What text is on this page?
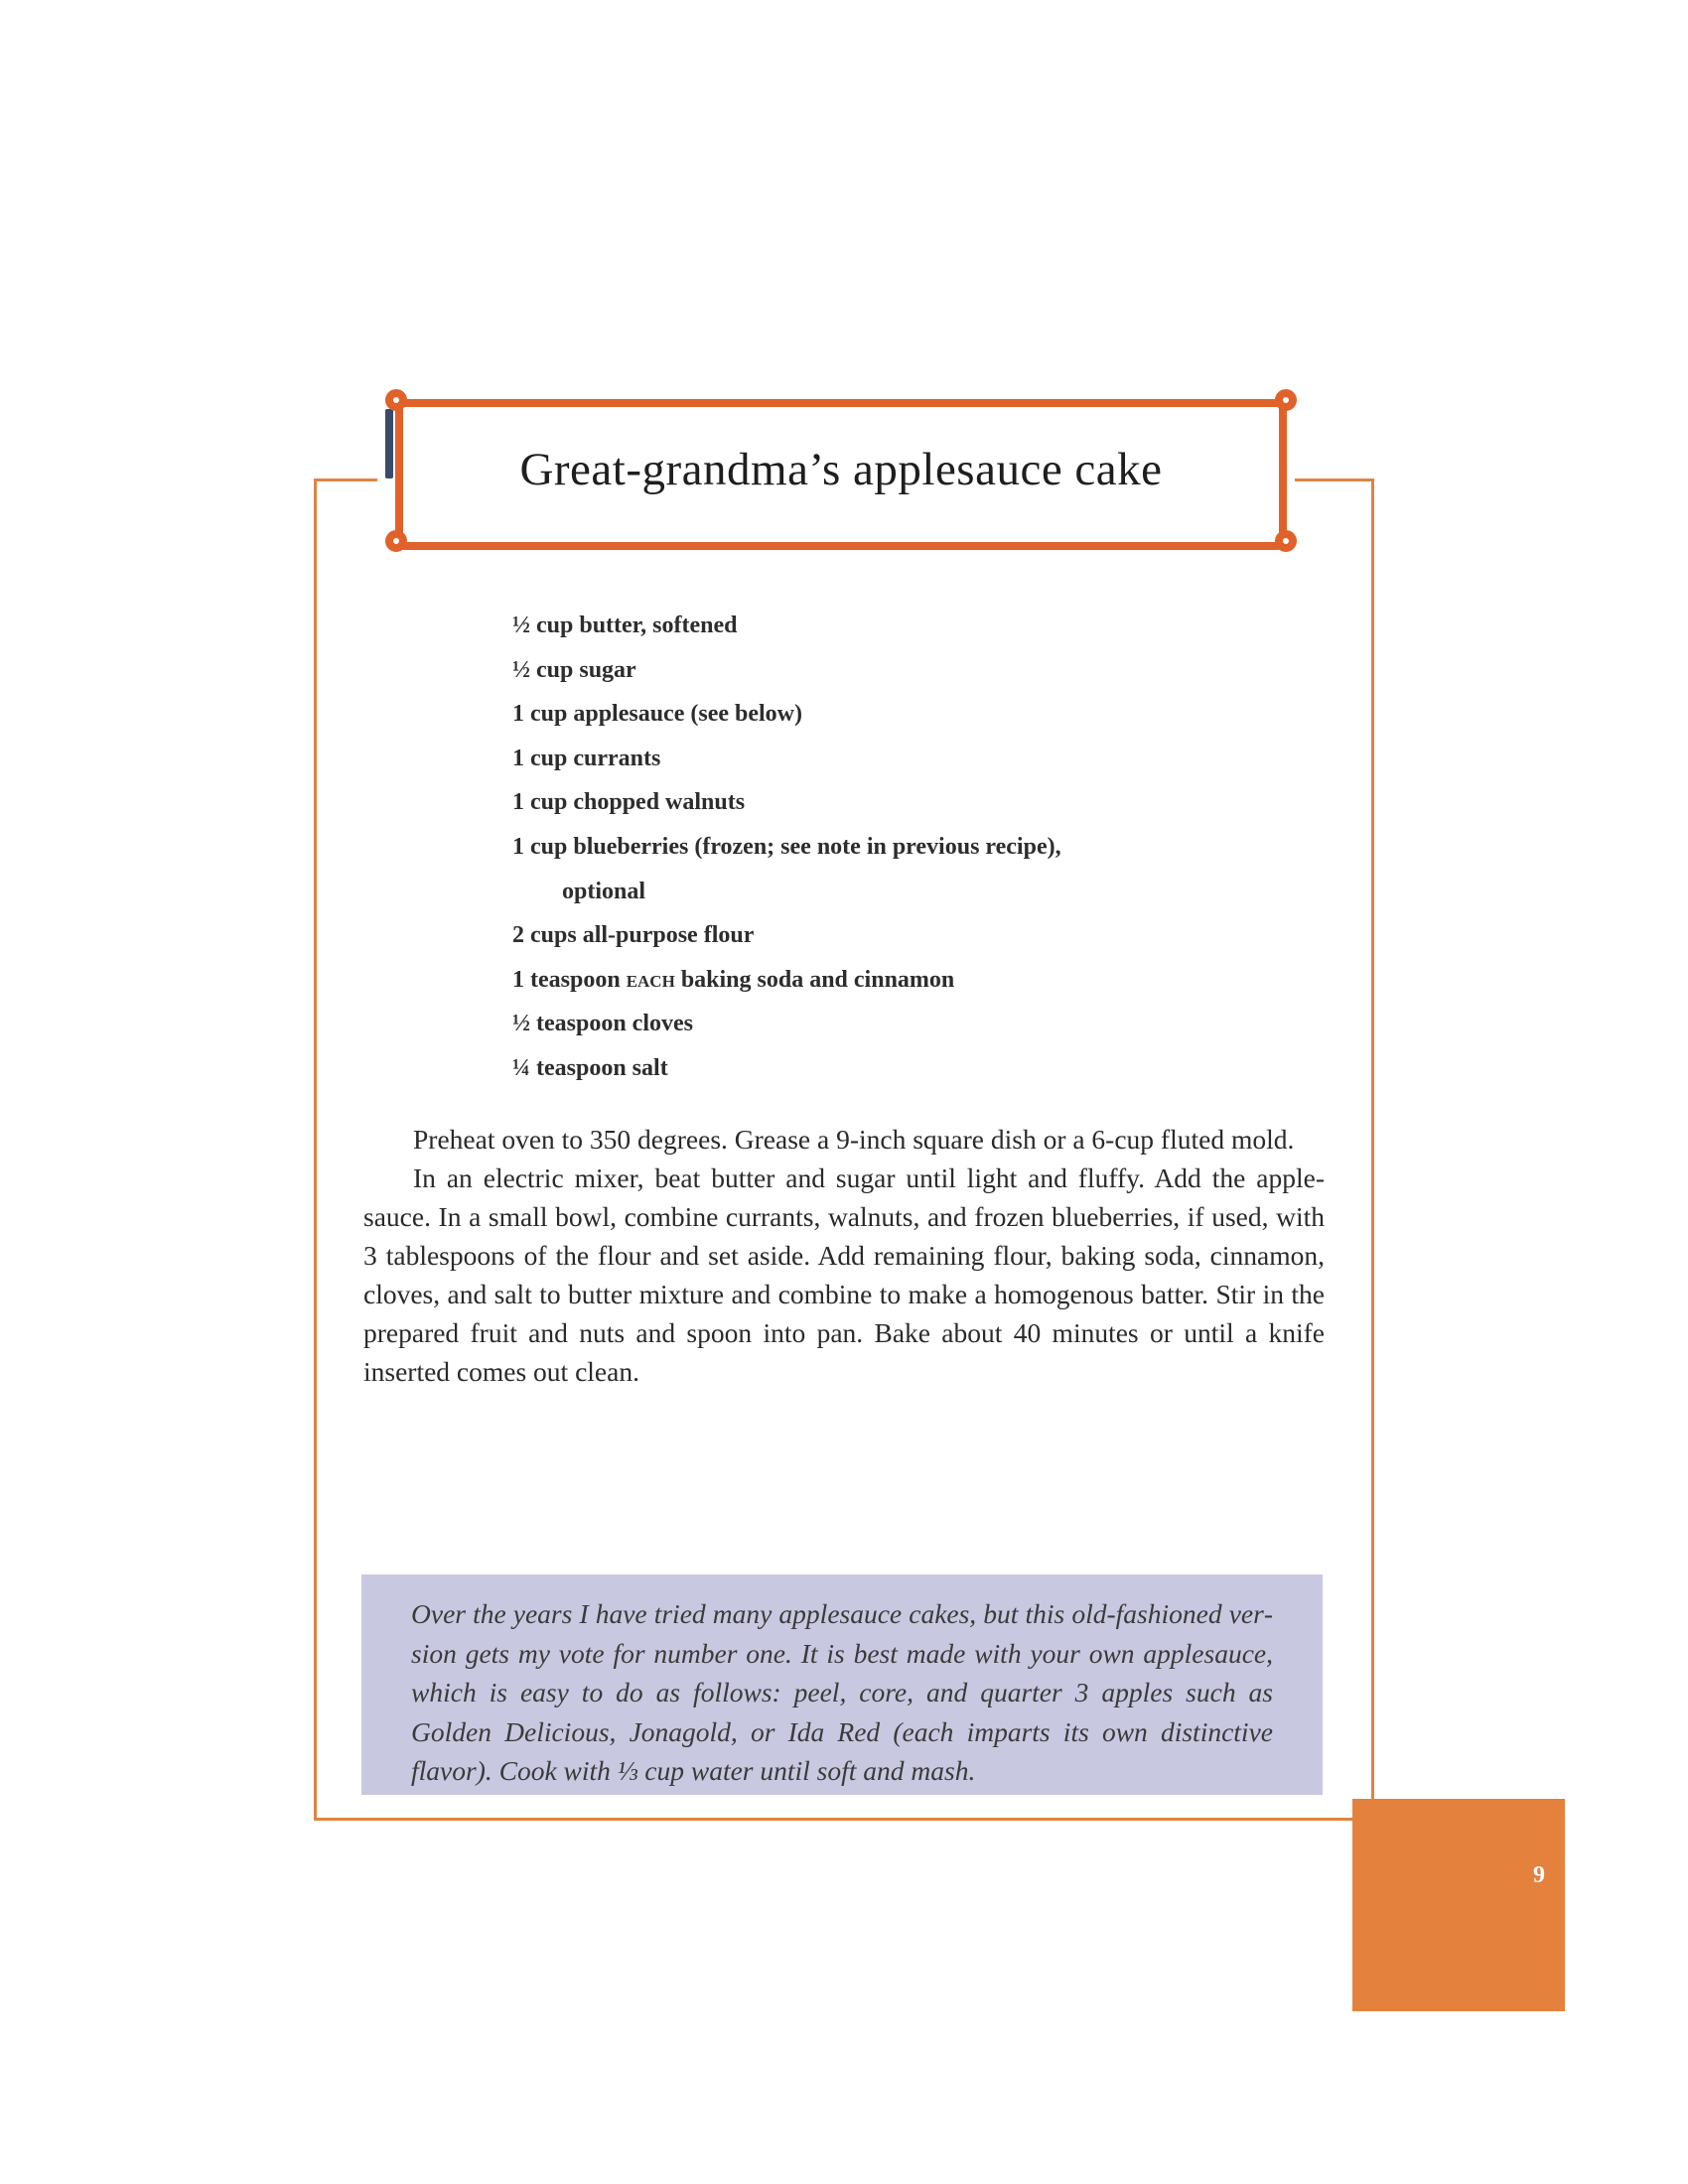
Great-grandma’s applesauce cake
½ cup butter, softened
½ cup sugar
1 cup applesauce (see below)
1 cup currants
1 cup chopped walnuts
1 cup blueberries (frozen; see note in previous recipe),
optional
2 cups all-purpose flour
1 teaspoon each baking soda and cinnamon
½ teaspoon cloves
¼ teaspoon salt

Preheat oven to 350 degrees. Grease a 9-inch square dish or a 6-cup fluted mold.

In an electric mixer, beat butter and sugar until light and fluffy. Add the applesauce. In a small bowl, combine currants, walnuts, and frozen blueberries, if used, with 3 tablespoons of the flour and set aside. Add remaining flour, baking soda, cinnamon, cloves, and salt to butter mixture and combine to make a homogenous batter. Stir in the prepared fruit and nuts and spoon into pan. Bake about 40 minutes or until a knife inserted comes out clean.

Over the years I have tried many applesauce cakes, but this old-fashioned version gets my vote for number one. It is best made with your own applesauce, which is easy to do as follows: peel, core, and quarter 3 apples such as Golden Delicious, Jonagold, or Ida Red (each imparts its own distinctive flavor). Cook with ⅓ cup water until soft and mash.

9
